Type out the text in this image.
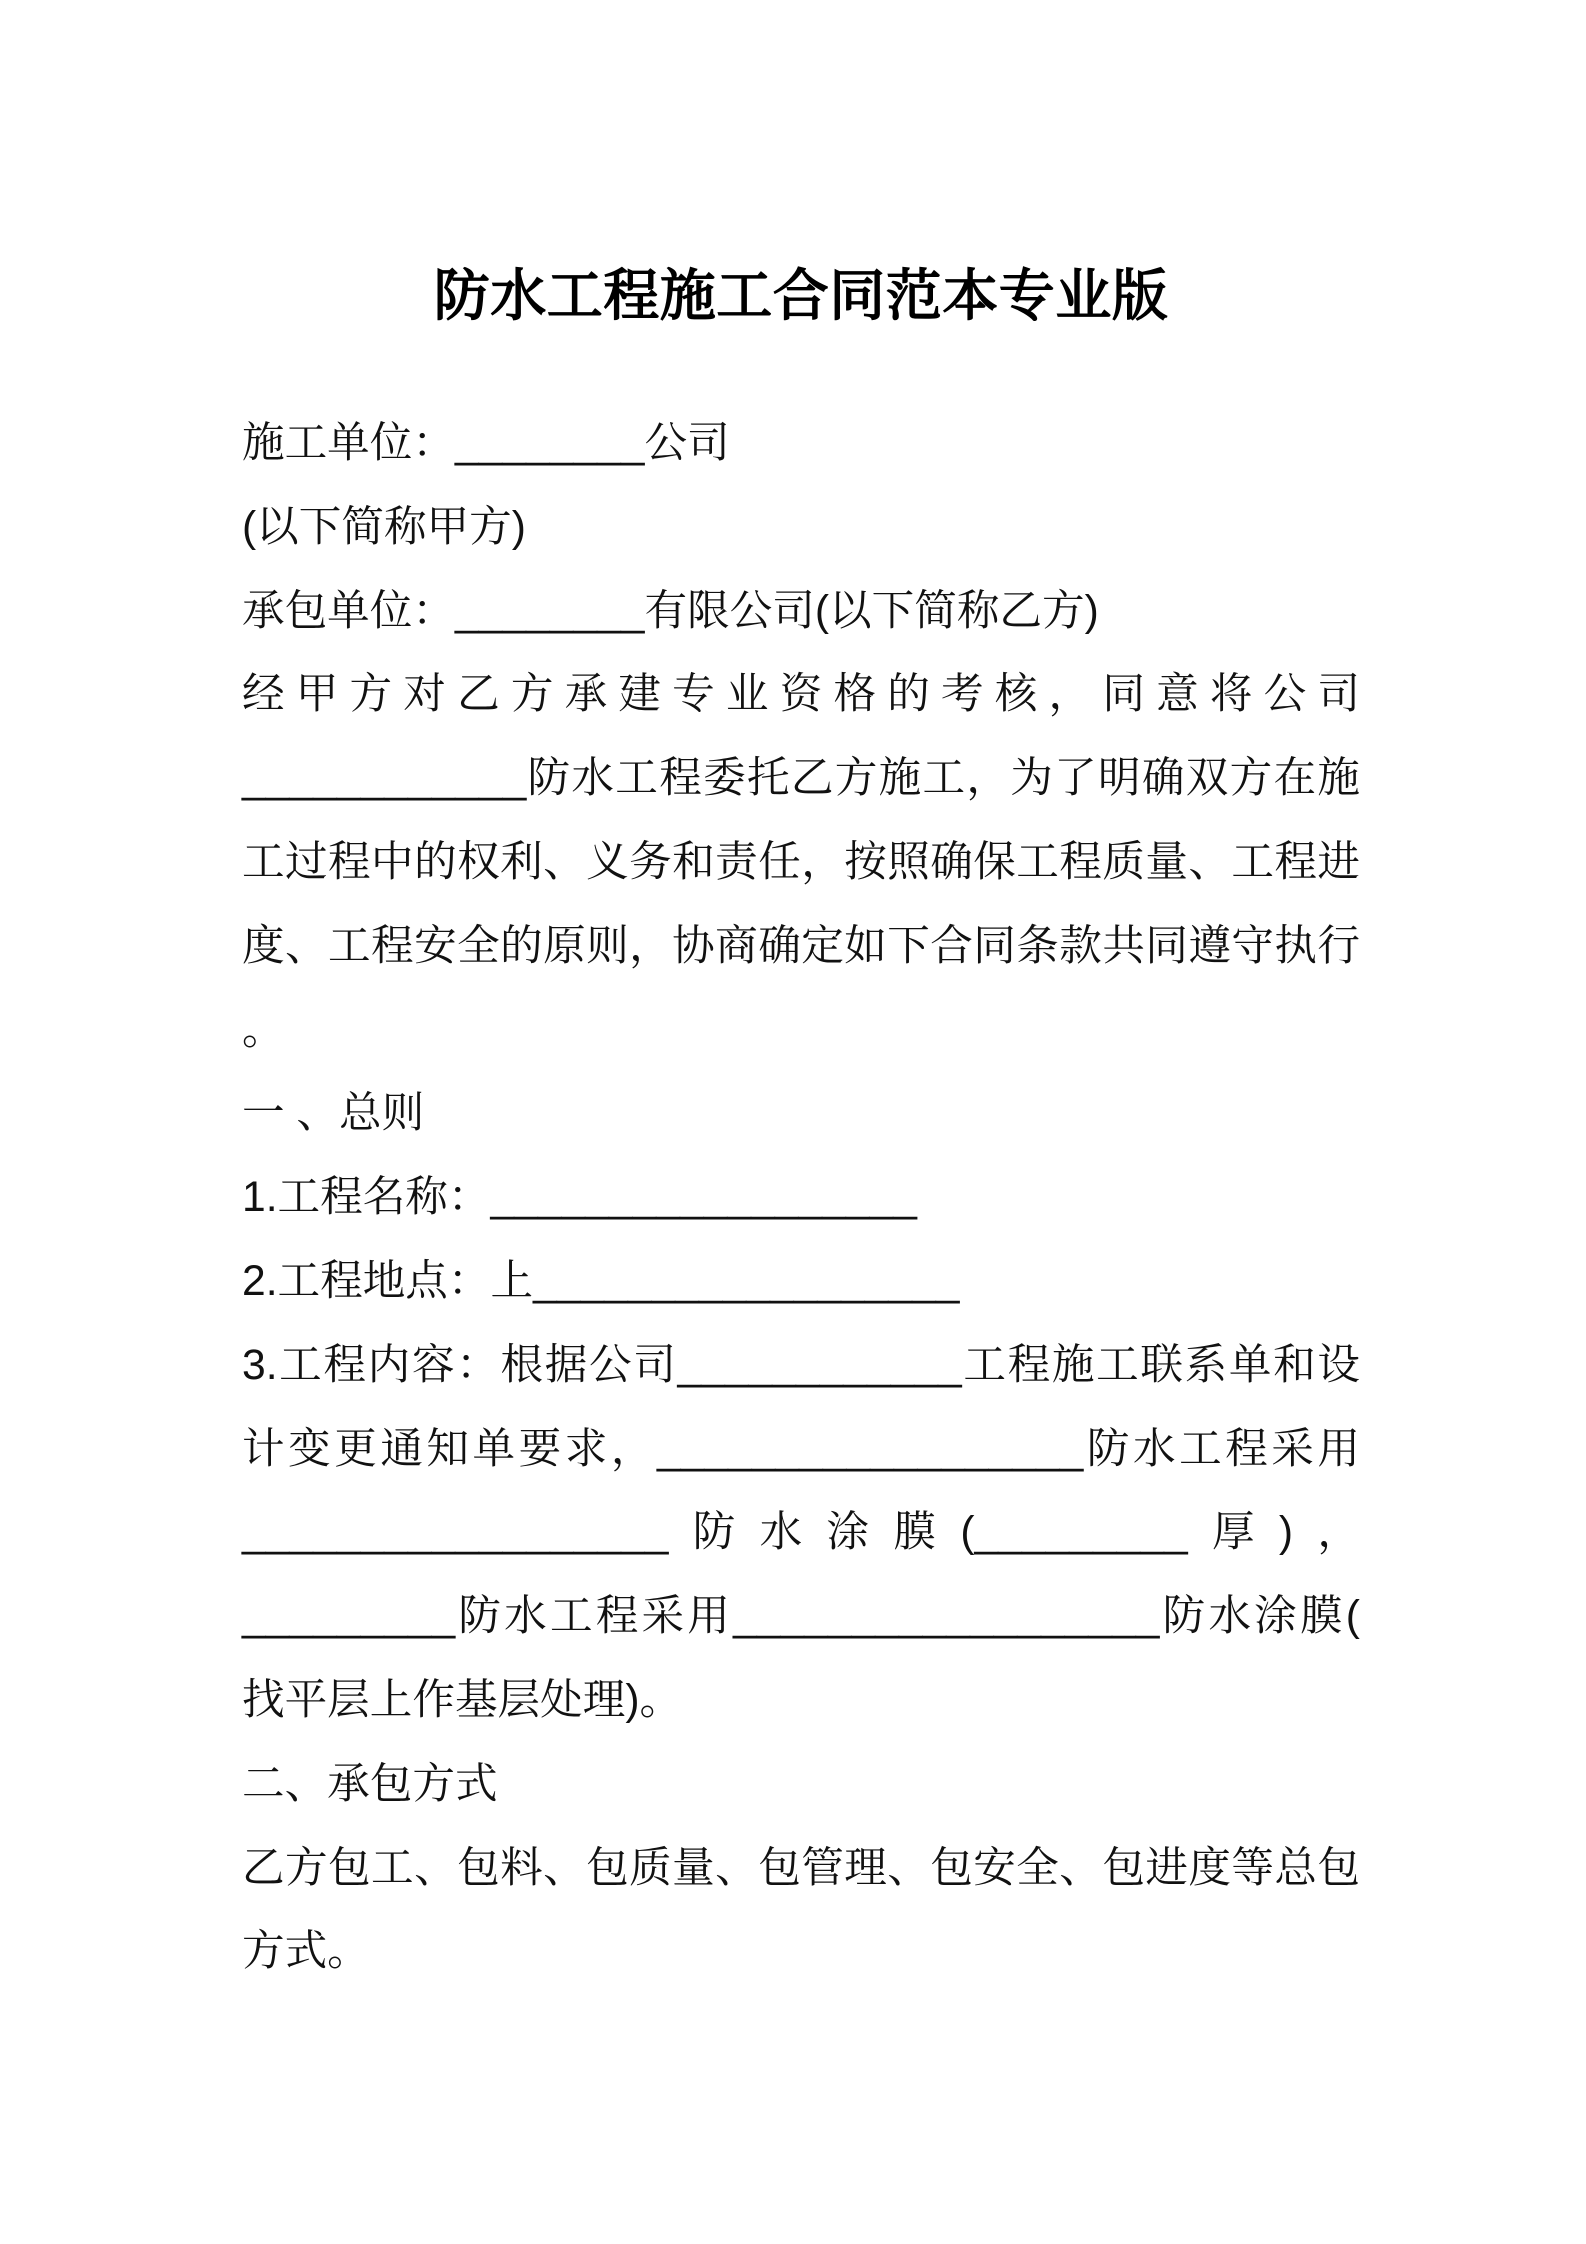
防水工程施工合同范本专业版
施工单位：________公司
(以下简称甲方)
承包单位：________有限公司(以下简称乙方)
经甲方对乙方承建专业资格的考核，同意将公司
____________防水工程委托乙方施工，为了明确双方在施
工过程中的权利、义务和责任，按照确保工程质量、工程进
度、工程安全的原则，协商确定如下合同条款共同遵守执行
。
一 、总则
1.工程名称：__________________
2.工程地点：上__________________
3.工程内容：根据公司____________工程施工联系单和设
计变更通知单要求，__________________防水工程采用
__________________防水涂膜(_________厚)，
_________防水工程采用__________________防水涂膜(
找平层上作基层处理)。
二、承包方式
乙方包工、包料、包质量、包管理、包安全、包进度等总包
方式。
